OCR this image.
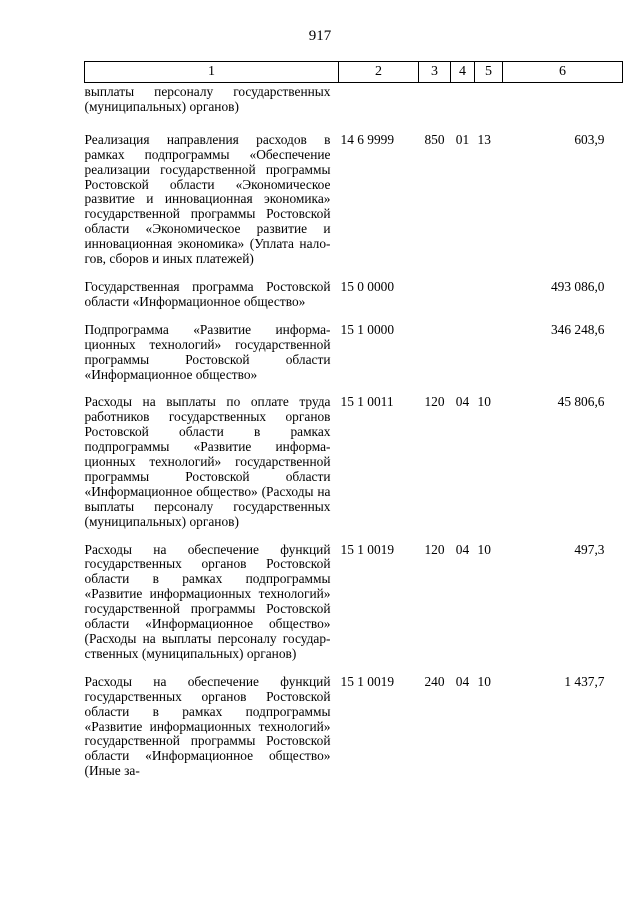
917
1	2	3	4	5	6
выплаты персоналу государственных (муниципальных) органов)					
Реализация направления расходов в рамках подпрограммы «Обеспечение реализации государственной программы Ростовской области «Экономическое развитие и инновационная экономика» государственной программы Ростовской области «Экономическое развитие и инновационная экономика» (Уплата налогов, сборов и иных платежей)	14 6 9999	850	01	13	603,9
Государственная программа Ростовской области «Информационное общество»	15 0 0000				493 086,0
Подпрограмма «Развитие информационных технологий» государственной программы Ростовской области «Информационное общество»	15 1 0000				346 248,6
Расходы на выплаты по оплате труда работников государственных органов Ростовской области в рамках подпрограммы «Развитие информационных технологий» государственной программы Ростовской области «Информационное общество» (Расходы на выплаты персоналу государственных (муниципальных) органов)	15 1 0011	120	04	10	45 806,6
Расходы на обеспечение функций государственных органов Ростовской области в рамках подпрограммы «Развитие информационных технологий» государственной программы Ростовской области «Информационное общество» (Расходы на выплаты персоналу государственных (муниципальных) органов)	15 1 0019	120	04	10	497,3
Расходы на обеспечение функций государственных органов Ростовской области в рамках подпрограммы «Развитие информационных технологий» государственной программы Ростовской области «Информационное общество» (Иные за-	15 1 0019	240	04	10	1 437,7
